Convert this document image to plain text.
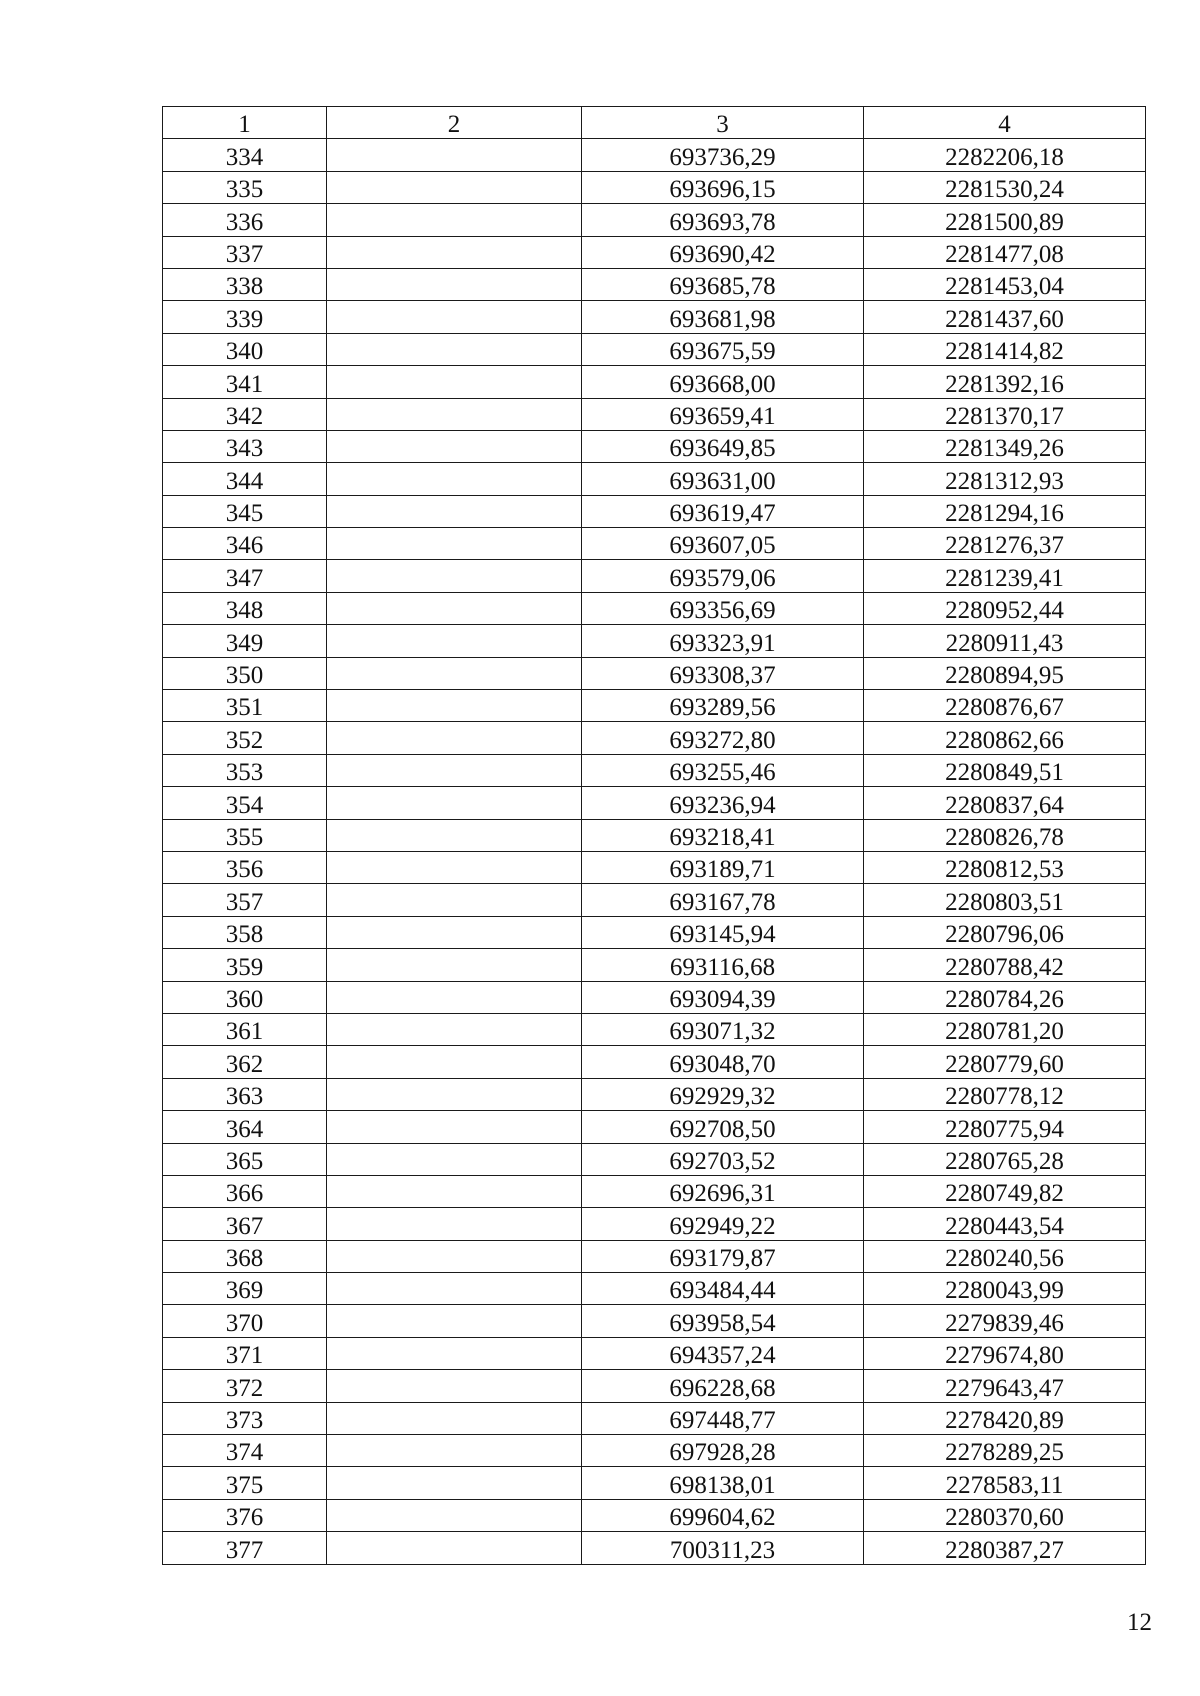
1	2	3	4
334		693736,29	2282206,18
335		693696,15	2281530,24
336		693693,78	2281500,89
337		693690,42	2281477,08
338		693685,78	2281453,04
339		693681,98	2281437,60
340		693675,59	2281414,82
341		693668,00	2281392,16
342		693659,41	2281370,17
343		693649,85	2281349,26
344		693631,00	2281312,93
345		693619,47	2281294,16
346		693607,05	2281276,37
347		693579,06	2281239,41
348		693356,69	2280952,44
349		693323,91	2280911,43
350		693308,37	2280894,95
351		693289,56	2280876,67
352		693272,80	2280862,66
353		693255,46	2280849,51
354		693236,94	2280837,64
355		693218,41	2280826,78
356		693189,71	2280812,53
357		693167,78	2280803,51
358		693145,94	2280796,06
359		693116,68	2280788,42
360		693094,39	2280784,26
361		693071,32	2280781,20
362		693048,70	2280779,60
363		692929,32	2280778,12
364		692708,50	2280775,94
365		692703,52	2280765,28
366		692696,31	2280749,82
367		692949,22	2280443,54
368		693179,87	2280240,56
369		693484,44	2280043,99
370		693958,54	2279839,46
371		694357,24	2279674,80
372		696228,68	2279643,47
373		697448,77	2278420,89
374		697928,28	2278289,25
375		698138,01	2278583,11
376		699604,62	2280370,60
377		700311,23	2280387,27
12
